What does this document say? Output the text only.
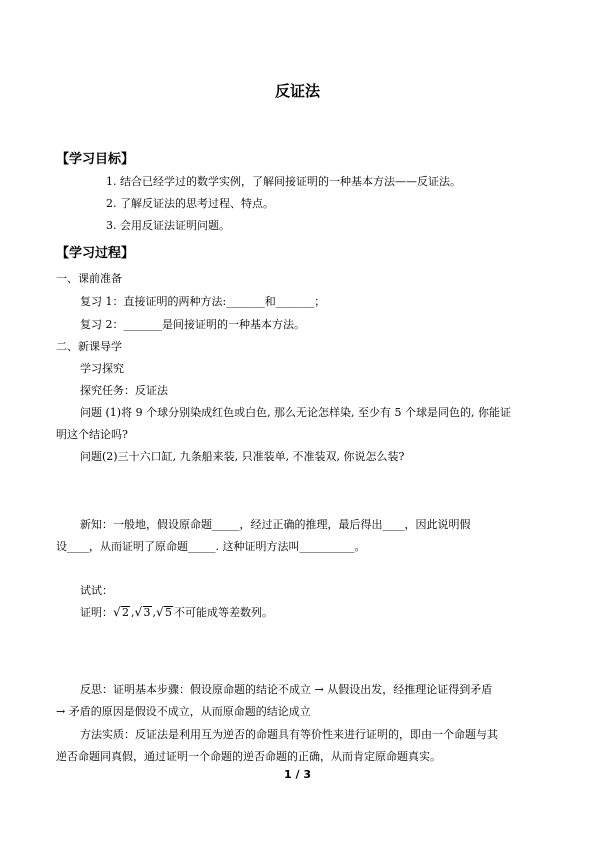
反证法
【学习目标】
1. 结合已经学过的数学实例，了解间接证明的一种基本方法——反证法。
2. 了解反证法的思考过程、特点。
3. 会用反证法证明问题。
【学习过程】
一、课前准备
复习 1：直接证明的两种方法:_______和_______；
复习 2：_______是间接证明的一种基本方法。
二、新课导学
学习探究
探究任务：反证法
问题 (1)将 9 个球分别染成红色或白色, 那么无论怎样染, 至少有 5 个球是同色的, 你能证
明这个结论吗?
问题(2)三十六口缸, 九条船来装, 只准装单, 不准装双, 你说怎么装?
新知：一般地，假设原命题_____，经过正确的推理，最后得出____，因此说明假
设____，从而证明了原命题_____. 这种证明方法叫__________。
试试：
证明： √ 2 , √ 3 , √ 5 不可能成等差数列。
反思：证明基本步骤：假设原命题的结论不成立 → 从假设出发，经推理论证得到矛盾
→ 矛盾的原因是假设不成立，从而原命题的结论成立
方法实质：反证法是利用互为逆否的命题具有等价性来进行证明的，即由一个命题与其
逆否命题同真假，通过证明一个命题的逆否命题的正确，从而肯定原命题真实。
1 / 3
